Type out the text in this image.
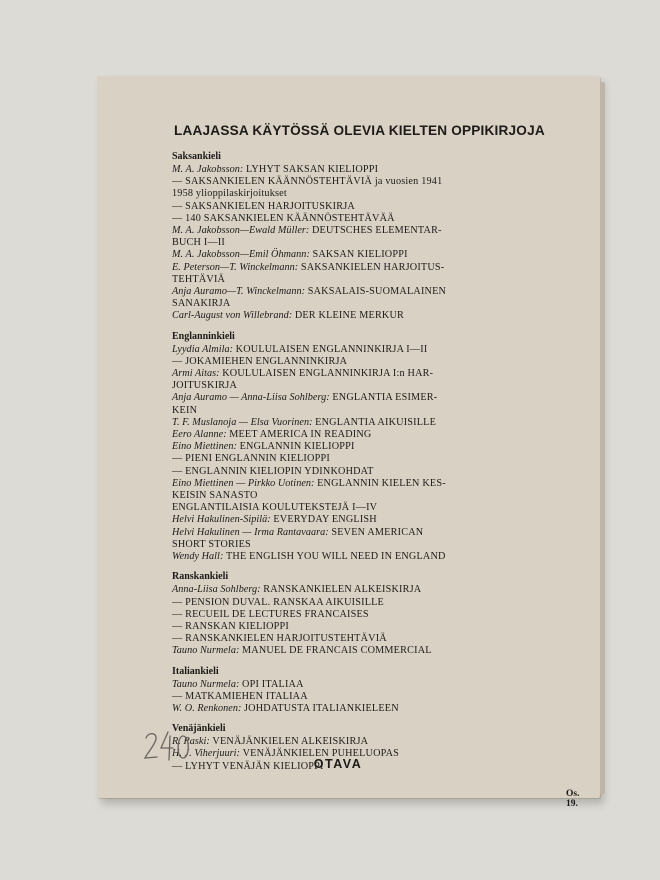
LAAJASSA KÄYTÖSSÄ OLEVIA KIELTEN OPPIKIRJOJA
Saksankieli
M. A. Jakobsson: LYHYT SAKSAN KIELIOPPI
— SAKSANKIELEN KÄÄNNÖSTEHTÄVIÄ ja vuosien 1941
1958 ylioppilaskirjoitukset
— SAKSANKIELEN HARJOITUSKIRJA
— 140 SAKSANKIELEN KÄÄNNÖSTEHTÄVÄÄ
M. A. Jakobsson—Ewald Müller: DEUTSCHES ELEMENTAR-
BUCH I—II
M. A. Jakobsson—Emil Öhmann: SAKSAN KIELIOPPI
E. Peterson—T. Winckelmann: SAKSANKIELEN HARJOITUS-
TEHTÄVIÄ
Anja Auramo—T. Winckelmann: SAKSALAIS-SUOMALAINEN
SANAKIRJA
Carl-August von Willebrand: DER KLEINE MERKUR
Englanninkieli
Lyydia Almila: KOULULAISEN ENGLANNINKIRJA I—II
— JOKAMIEHEN ENGLANNINKIRJA
Armi Aitas: KOULULAISEN ENGLANNINKIRJA I:n HAR-
JOITUSKIRJA
Anja Auramo — Anna-Liisa Sohlberg: ENGLANTIA ESIMER-
KEIN
T. F. Muslanoja — Elsa Vuorinen: ENGLANTIA AIKUISILLE
Eero Alanne: MEET AMERICA IN READING
Eino Miettinen: ENGLANNIN KIELIOPPI
— PIENI ENGLANNIN KIELIOPPI
— ENGLANNIN KIELIOPIN YDINKOHDAT
Eino Miettinen — Pirkko Uotinen: ENGLANNIN KIELEN KES-
KEISIN SANASTO
ENGLANTILAISIA KOULUTEKSTEJÄ I—IV
Helvi Hakulinen-Sipilä: EVERYDAY ENGLISH
Helvi Hakulinen — Irma Rantavaara: SEVEN AMERICAN
SHORT STORIES
Wendy Hall: THE ENGLISH YOU WILL NEED IN ENGLAND
Ranskankieli
Anna-Liisa Sohlberg: RANSKANKIELEN ALKEISKIRJA
— PENSION DUVAL. RANSKAA AIKUISILLE
— RECUEIL DE LECTURES FRANCAISES
— RANSKAN KIELIOPPI
— RANSKANKIELEN HARJOITUSTEHTÄVIÄ
Tauno Nurmela: MANUEL DE FRANCAIS COMMERCIAL
Italiankieli
Tauno Nurmela: OPI ITALIAA
— MATKAMIEHEN ITALIAA
W. O. Renkonen: JOHDATUSTA ITALIANKIELEEN
Venäjänkieli
R. Raski: VENÄJÄNKIELEN ALKEISKIRJA
H. J. Viherjuuri: VENÄJÄNKIELEN PUHELUOPAS
— LYHYT VENÄJÄN KIELIOPPI
OTAVA
Os. 19.
